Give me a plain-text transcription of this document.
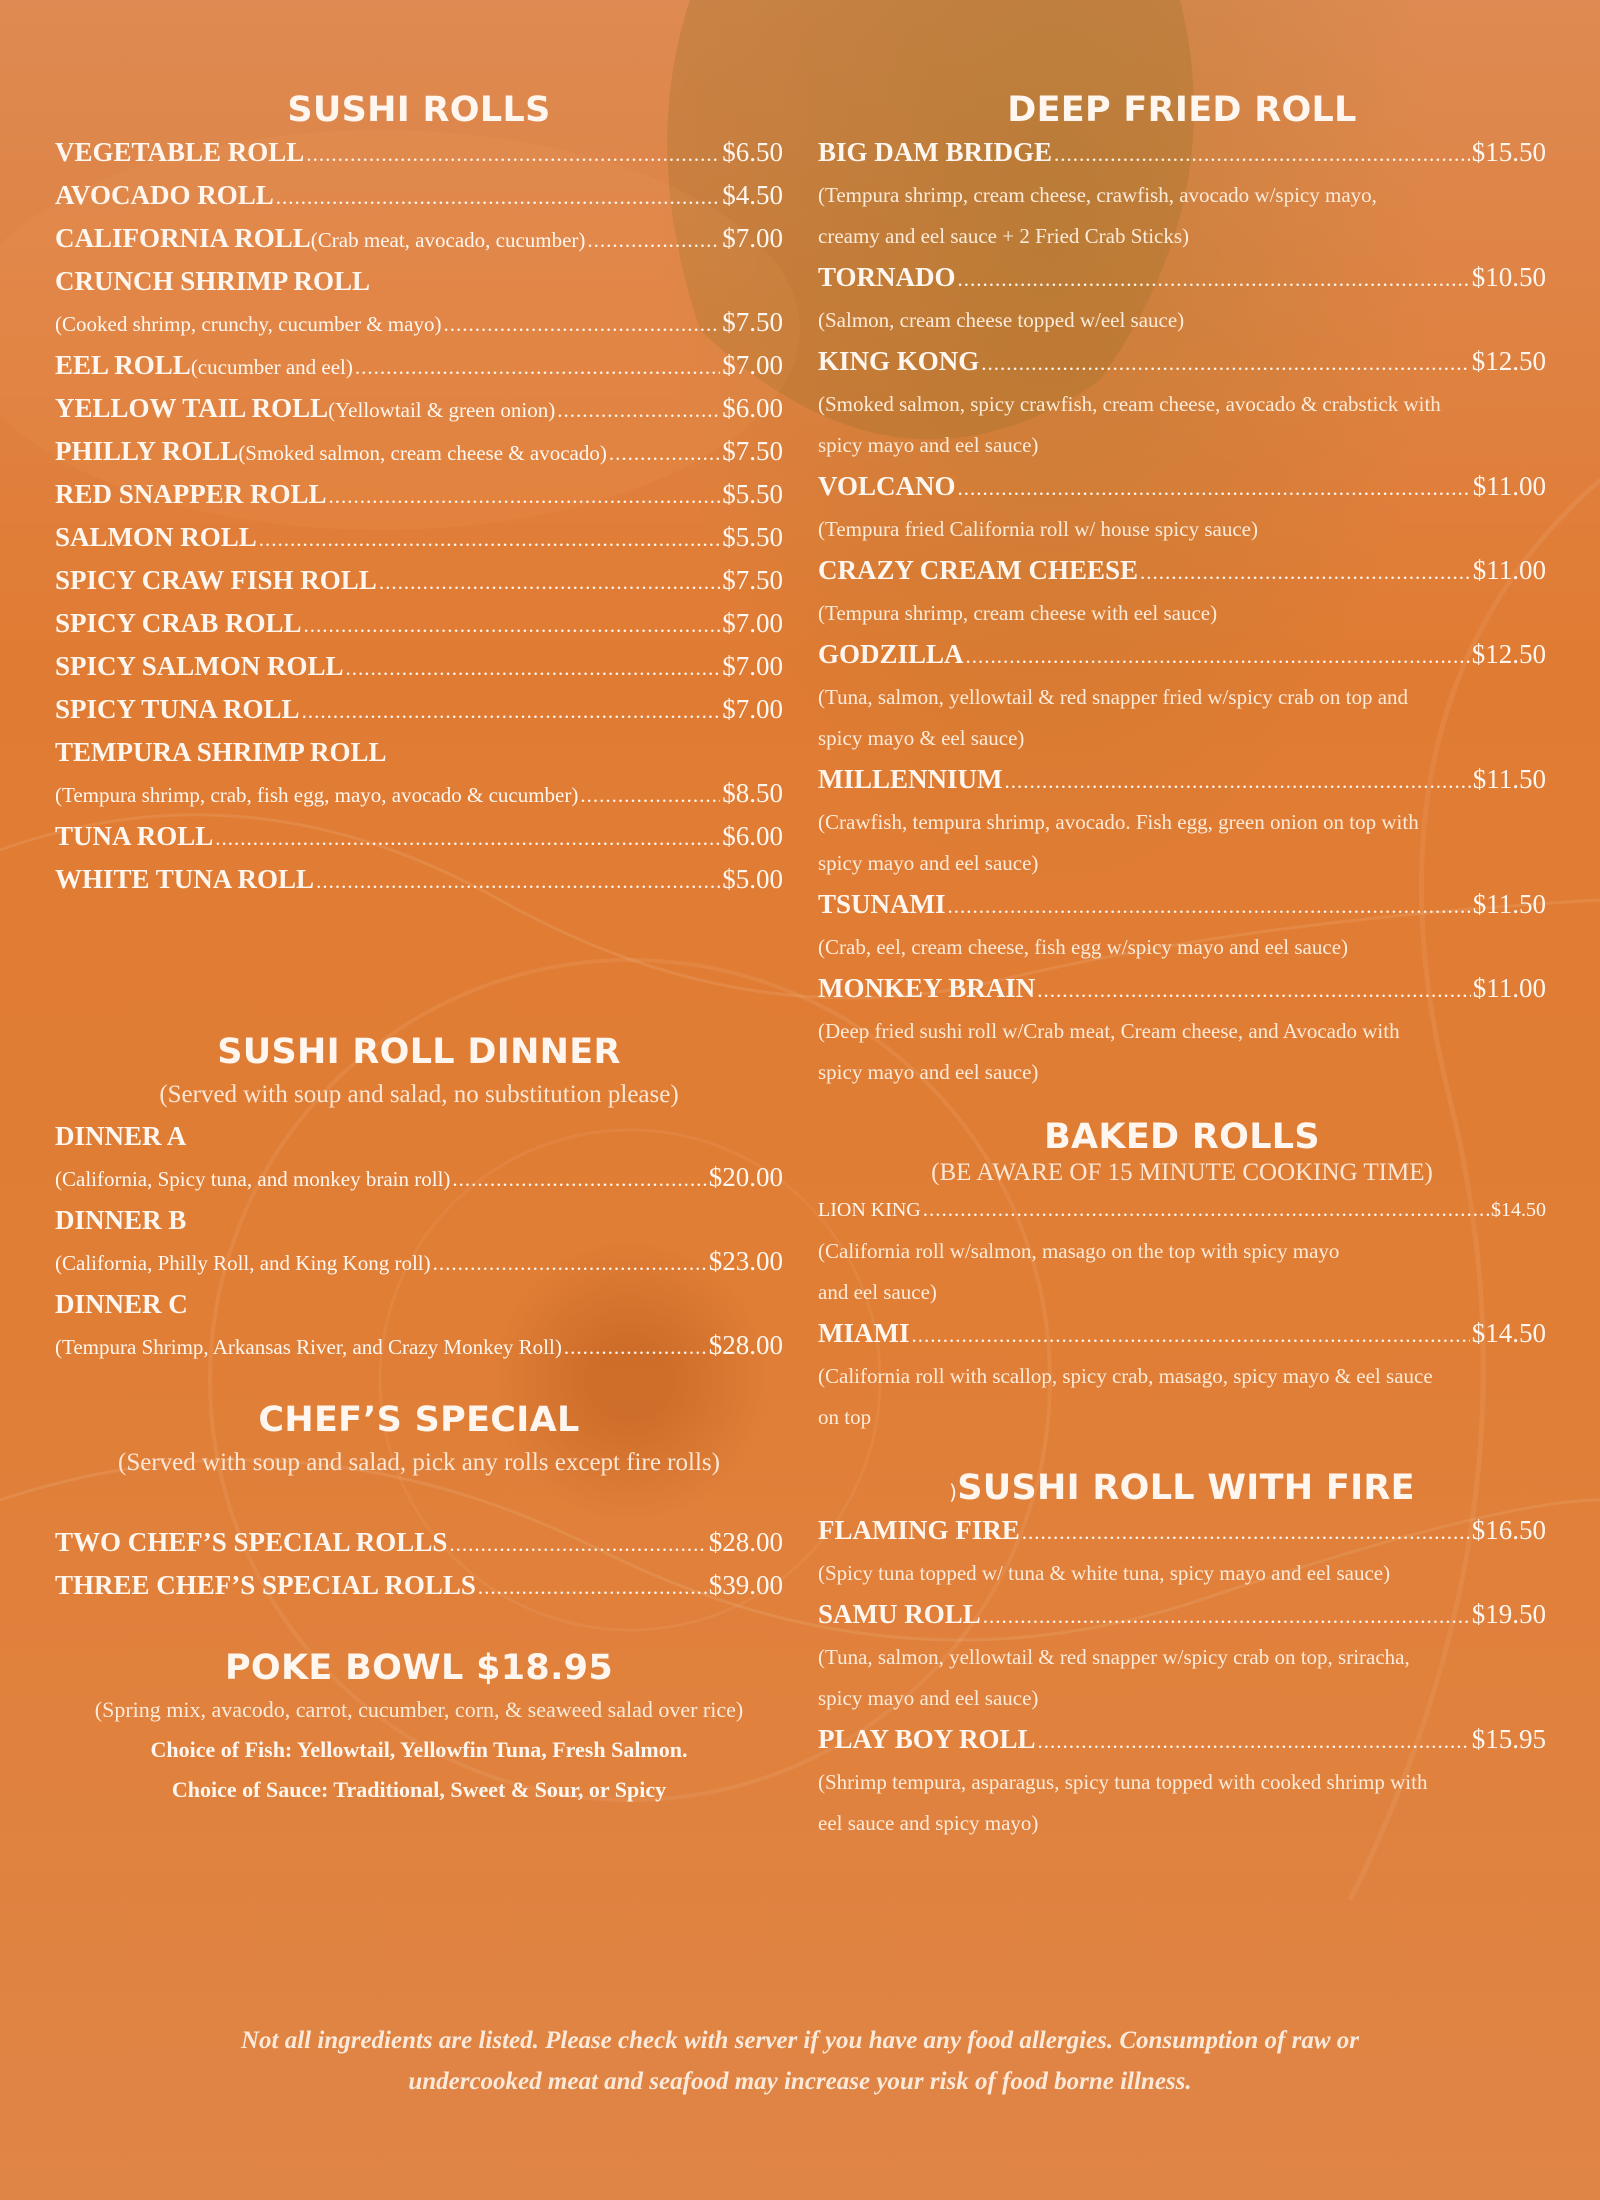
SUSHI ROLLS
VEGETABLE ROLL .....	$6.50
AVOCADO ROLL .....	$4.50
CALIFORNIA ROLL (Crab meat, avocado, cucumber) .....	$7.00
CRUNCH SHRIMP ROLL
(Cooked shrimp, crunchy, cucumber & mayo) .....	$7.50
EEL ROLL (cucumber and eel) .....	$7.00
YELLOW TAIL ROLL (Yellowtail & green onion) .....	$6.00
PHILLY ROLL (Smoked salmon, cream cheese & avocado) .....	$7.50
RED SNAPPER ROLL .....	$5.50
SALMON ROLL .....	$5.50
SPICY CRAW FISH ROLL .....	$7.50
SPICY CRAB ROLL .....	$7.00
SPICY SALMON ROLL .....	$7.00
SPICY TUNA ROLL .....	$7.00
TEMPURA SHRIMP ROLL
(Tempura shrimp, crab, fish egg, mayo, avocado & cucumber) .....	$8.50
TUNA ROLL .....	$6.00
WHITE TUNA ROLL .....	$5.00
SUSHI ROLL DINNER
(Served with soup and salad, no substitution please)
DINNER A
(California, Spicy tuna, and monkey brain roll) .....	$20.00
DINNER B
(California, Philly Roll, and King Kong roll) .....	$23.00
DINNER C
(Tempura Shrimp, Arkansas River, and Crazy Monkey Roll) .....	$28.00
CHEF’S SPECIAL
(Served with soup and salad, pick any rolls except fire rolls)
TWO CHEF’S SPECIAL ROLLS .....	$28.00
THREE CHEF’S SPECIAL ROLLS .....	$39.00
POKE BOWL $18.95
(Spring mix, avacodo, carrot, cucumber, corn, & seaweed salad over rice)
Choice of Fish: Yellowtail, Yellowfin Tuna, Fresh Salmon.
Choice of Sauce: Traditional, Sweet & Sour, or Spicy
DEEP FRIED ROLL
BIG DAM BRIDGE .....	$15.50
(Tempura shrimp, cream cheese, crawfish, avocado w/spicy mayo,
creamy and eel sauce + 2 Fried Crab Sticks)
TORNADO .....	$10.50
(Salmon, cream cheese topped w/eel sauce)
KING KONG .....	$12.50
(Smoked salmon, spicy crawfish, cream cheese, avocado & crabstick with
spicy mayo and eel sauce)
VOLCANO .....	$11.00
(Tempura fried California roll w/ house spicy sauce)
CRAZY CREAM CHEESE .....	$11.00
(Tempura shrimp, cream cheese with eel sauce)
GODZILLA .....	$12.50
(Tuna, salmon, yellowtail & red snapper fried w/spicy crab on top and
spicy mayo & eel sauce)
MILLENNIUM .....	$11.50
(Crawfish, tempura shrimp, avocado. Fish egg, green onion on top with
spicy mayo and eel sauce)
TSUNAMI .....	$11.50
(Crab, eel, cream cheese, fish egg w/spicy mayo and eel sauce)
MONKEY BRAIN .....	$11.00
(Deep fried sushi roll w/Crab meat, Cream cheese, and Avocado with
spicy mayo and eel sauce)
BAKED ROLLS
(BE AWARE OF 15 MINUTE COOKING TIME)
LION KING .....	$14.50
(California roll w/salmon, masago on the top with spicy mayo
and eel sauce)
MIAMI .....	$14.50
(California roll with scallop, spicy crab, masago, spicy mayo & eel sauce
on top
)SUSHI ROLL WITH FIRE
FLAMING FIRE .....	$16.50
(Spicy tuna topped w/ tuna & white tuna, spicy mayo and eel sauce)
SAMU ROLL .....	$19.50
(Tuna, salmon, yellowtail & red snapper w/spicy crab on top, sriracha,
spicy mayo and eel sauce)
PLAY BOY ROLL .....	$15.95
(Shrimp tempura, asparagus, spicy tuna topped with cooked shrimp with
eel sauce and spicy mayo)
Not all ingredients are listed. Please check with server if you have any food allergies. Consumption of raw or
undercooked meat and seafood may increase your risk of food borne illness.
